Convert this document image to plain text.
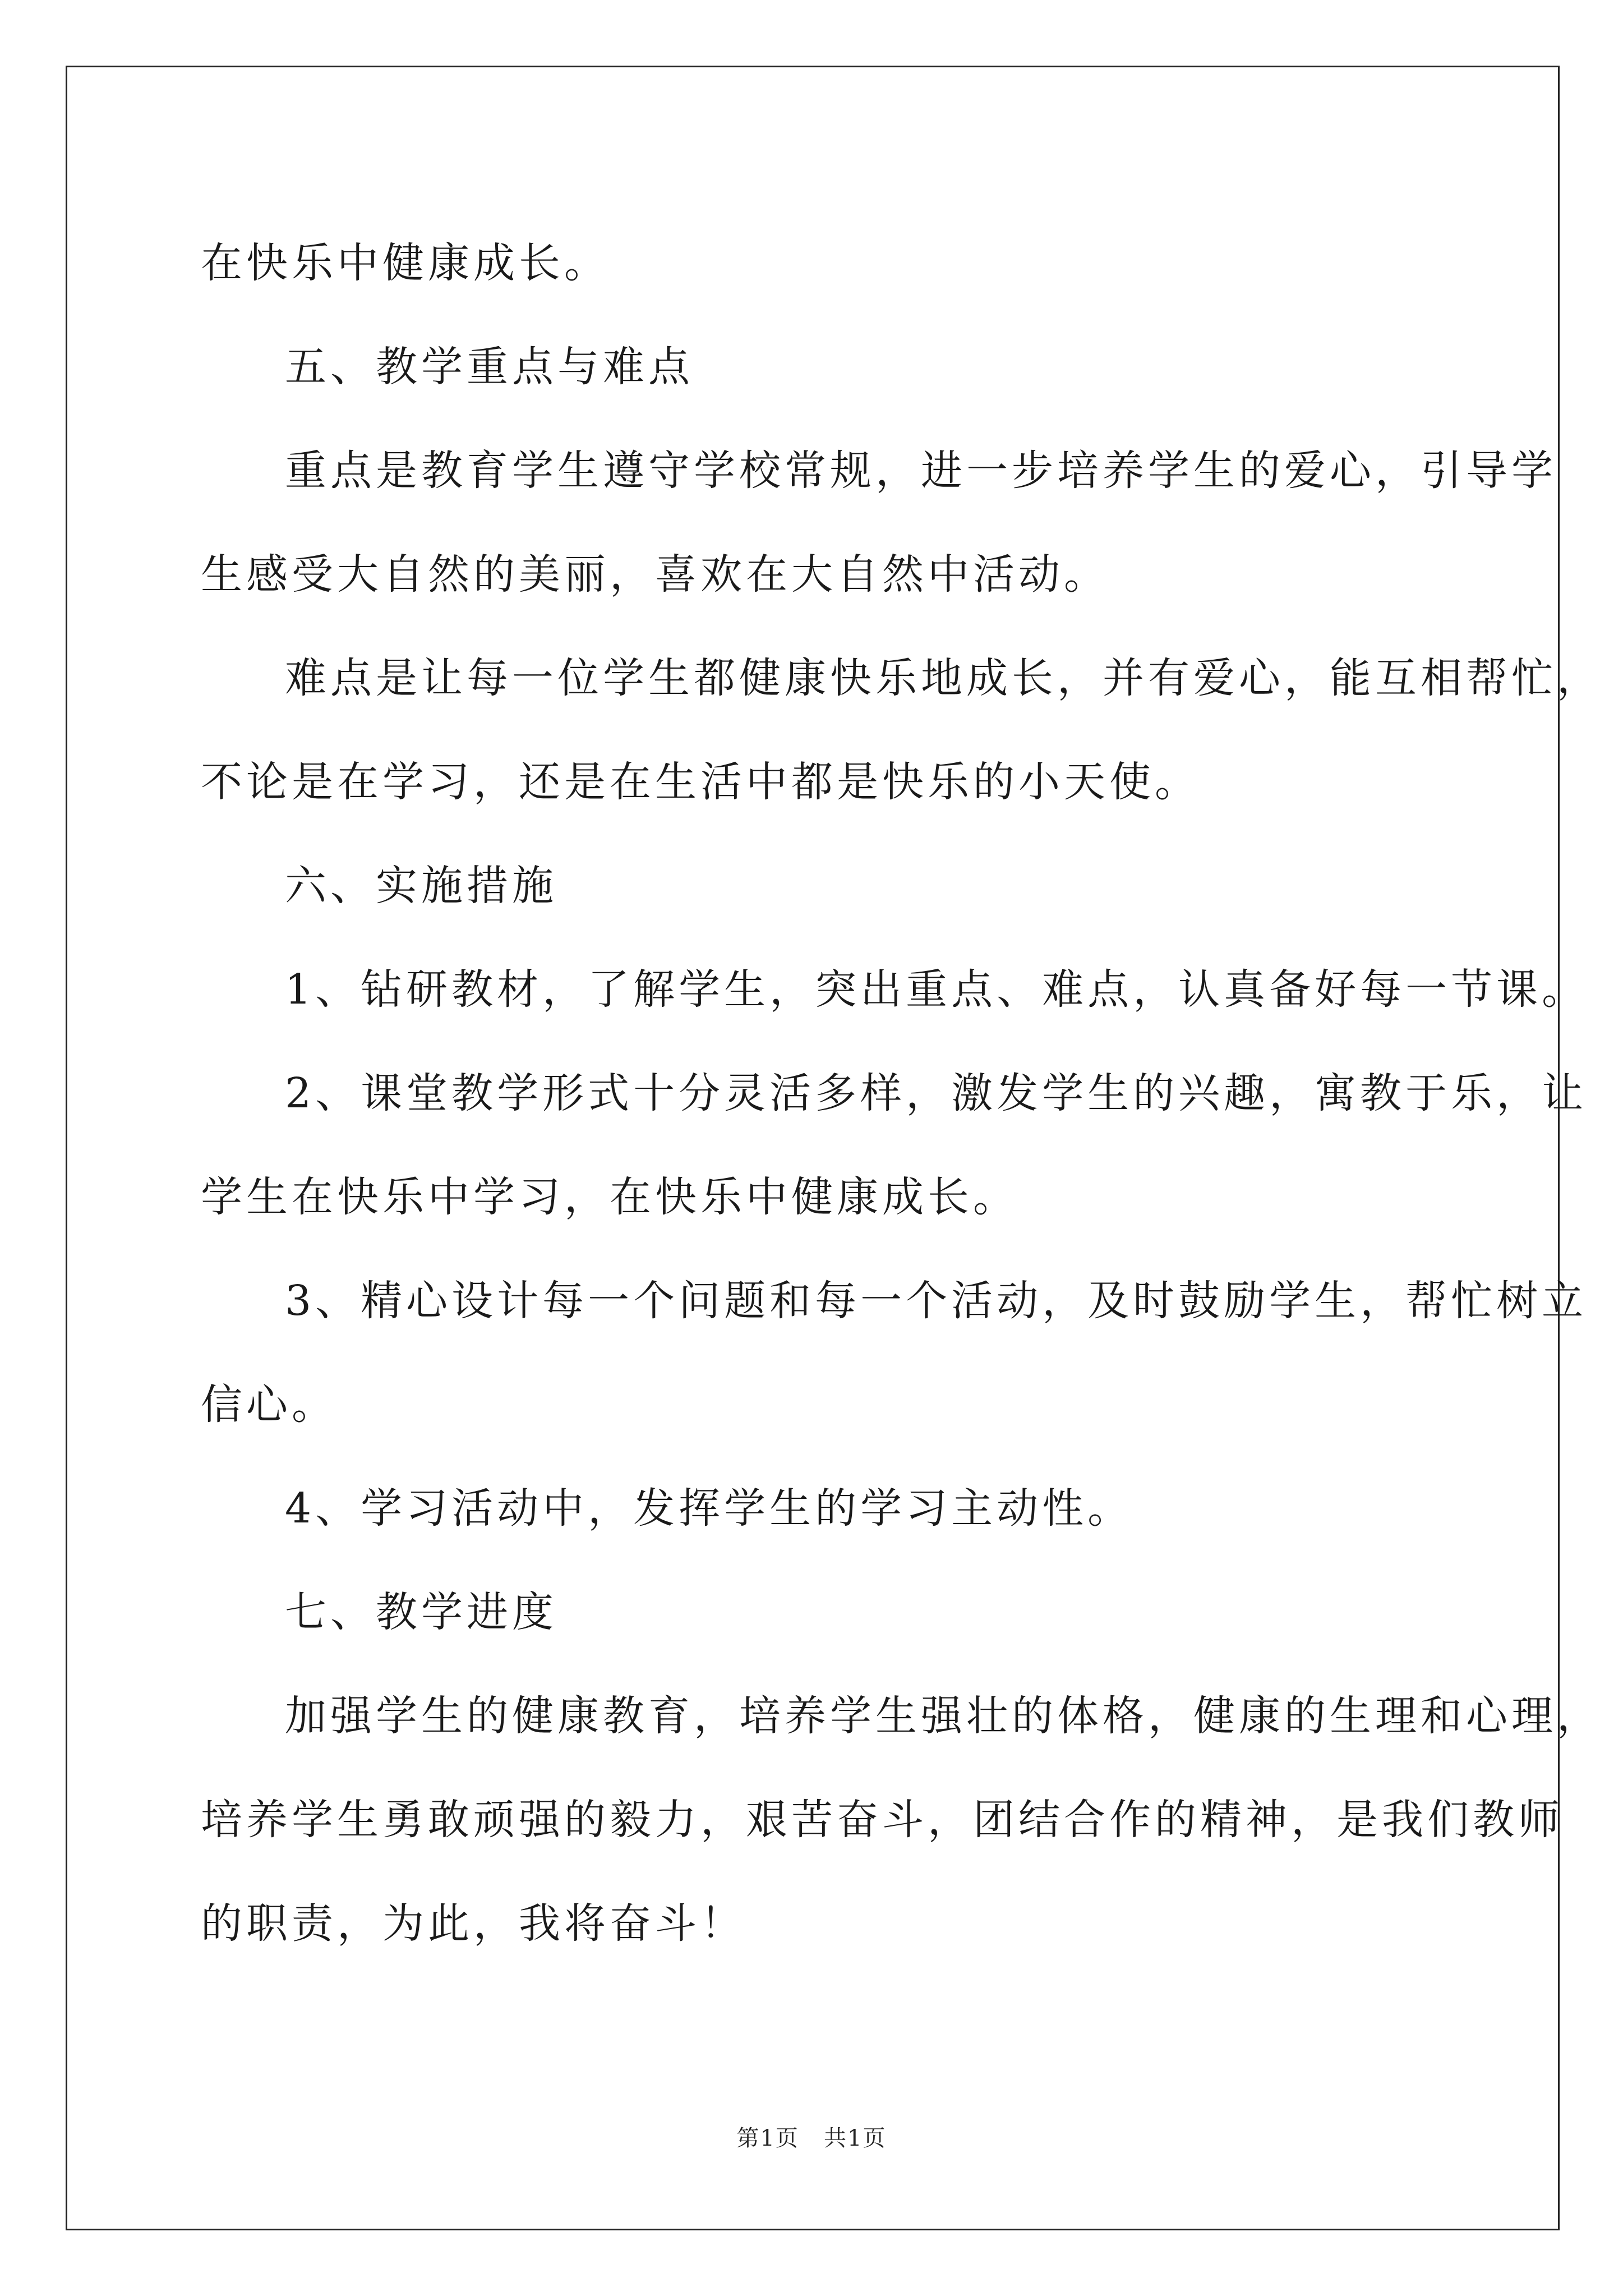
在快乐中健康成长。

五、教学重点与难点

重点是教育学生遵守学校常规，进一步培养学生的爱心，引导学

生感受大自然的美丽，喜欢在大自然中活动。

难点是让每一位学生都健康快乐地成长，并有爱心，能互相帮忙，

不论是在学习，还是在生活中都是快乐的小天使。

六、实施措施

1、钻研教材，了解学生，突出重点、难点，认真备好每一节课。

2、课堂教学形式十分灵活多样，激发学生的兴趣，寓教于乐，让

学生在快乐中学习，在快乐中健康成长。

3、精心设计每一个问题和每一个活动，及时鼓励学生，帮忙树立

信心。

4、学习活动中，发挥学生的学习主动性。

七、教学进度

加强学生的健康教育，培养学生强壮的体格，健康的生理和心理，

培养学生勇敢顽强的毅力，艰苦奋斗，团结合作的精神，是我们教师

的职责，为此，我将奋斗！

第1页   共1页
